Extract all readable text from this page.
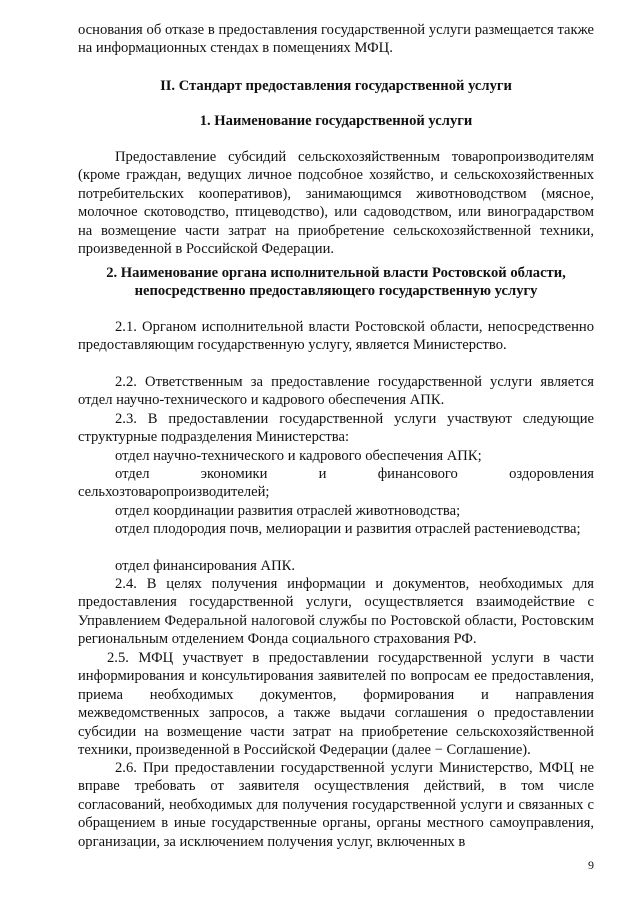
основания об отказе в предоставления государственной услуги размещается также на информационных стендах в помещениях МФЦ.

II. Стандарт предоставления государственной услуги

1. Наименование государственной услуги

Предоставление субсидий сельскохозяйственным товаропроизводителям (кроме граждан, ведущих личное подсобное хозяйство, и сельскохозяйственных потребительских кооперативов), занимающимся животноводством (мясное, молочное скотоводство, птицеводство), или садоводством, или виноградарством на возмещение части затрат на приобретение сельскохозяйственной техники, произведенной в Российской Федерации.

2. Наименование органа исполнительной власти Ростовской области, непосредственно предоставляющего государственную услугу

2.1. Органом исполнительной власти Ростовской области, непосредственно предоставляющим государственную услугу, является Министерство.

2.2. Ответственным за предоставление государственной услуги является отдел научно-технического и кадрового обеспечения АПК.

2.3. В предоставлении государственной услуги участвуют следующие структурные подразделения Министерства:

отдел научно-технического и кадрового обеспечения АПК;

отдел экономики и финансового оздоровления сельхозтоваропроизводителей;

отдел координации развития отраслей животноводства;

отдел плодородия почв, мелиорации и развития отраслей растениеводства;

отдел финансирования АПК.

2.4. В целях получения информации и документов, необходимых для предоставления государственной услуги, осуществляется взаимодействие с Управлением Федеральной налоговой службы по Ростовской области, Ростовским региональным отделением Фонда социального страхования РФ.

2.5. МФЦ участвует в предоставлении государственной услуги в части информирования и консультирования заявителей по вопросам ее предоставления, приема необходимых документов, формирования и направления межведомственных запросов, а также выдачи соглашения о предоставлении субсидии на возмещение части затрат на приобретение сельскохозяйственной техники, произведенной в Российской Федерации (далее − Соглашение).

2.6. При предоставлении государственной услуги Министерство, МФЦ не вправе требовать от заявителя осуществления действий, в том числе согласований, необходимых для получения государственной услуги и связанных с обращением в иные государственные органы, органы местного самоуправления, организации, за исключением получения услуг, включенных в

9
